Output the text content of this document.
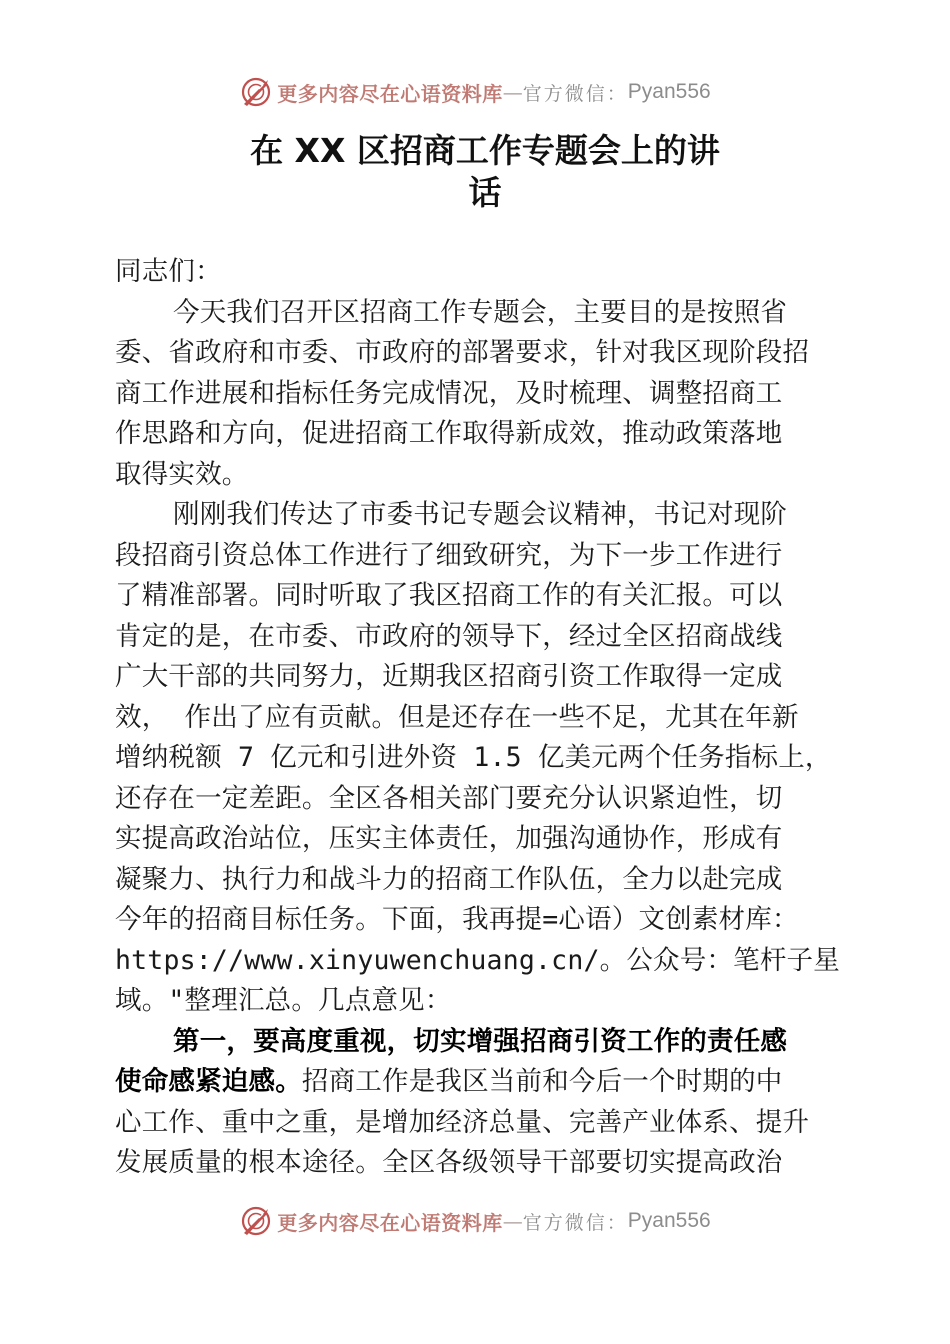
更多内容尽在心语资料库 — 官方微信： Pyan556
在 XX 区招商工作专题会上的讲
话
同志们：
今天我们召开区招商工作专题会，主要目的是按照省
委、省政府和市委、市政府的部署要求，针对我区现阶段招
商工作进展和指标任务完成情况，及时梳理、调整招商工
作思路和方向，促进招商工作取得新成效，推动政策落地
取得实效。
刚刚我们传达了市委书记专题会议精神，书记对现阶
段招商引资总体工作进行了细致研究，为下一步工作进行
了精准部署。同时听取了我区招商工作的有关汇报。可以
肯定的是，在市委、市政府的领导下，经过全区招商战线
广大干部的共同努力，近期我区招商引资工作取得一定成
效， 作出了应有贡献。但是还存在一些不足，尤其在年新
增纳税额 7 亿元和引进外资 1.5 亿美元两个任务指标上，
还存在一定差距。全区各相关部门要充分认识紧迫性，切
实提高政治站位，压实主体责任，加强沟通协作，形成有
凝聚力、执行力和战斗力的招商工作队伍，全力以赴完成
今年的招商目标任务。下面，我再提=心语）文创素材库：
https://www.xinyuwenchuang.cn/。公众号：笔杆子星
域。"整理汇总。几点意见：
第一，要高度重视，切实增强招商引资工作的责任感
使命感紧迫感。招商工作是我区当前和今后一个时期的中
心工作、重中之重，是增加经济总量、完善产业体系、提升
发展质量的根本途径。全区各级领导干部要切实提高政治
更多内容尽在心语资料库 — 官方微信： Pyan556
